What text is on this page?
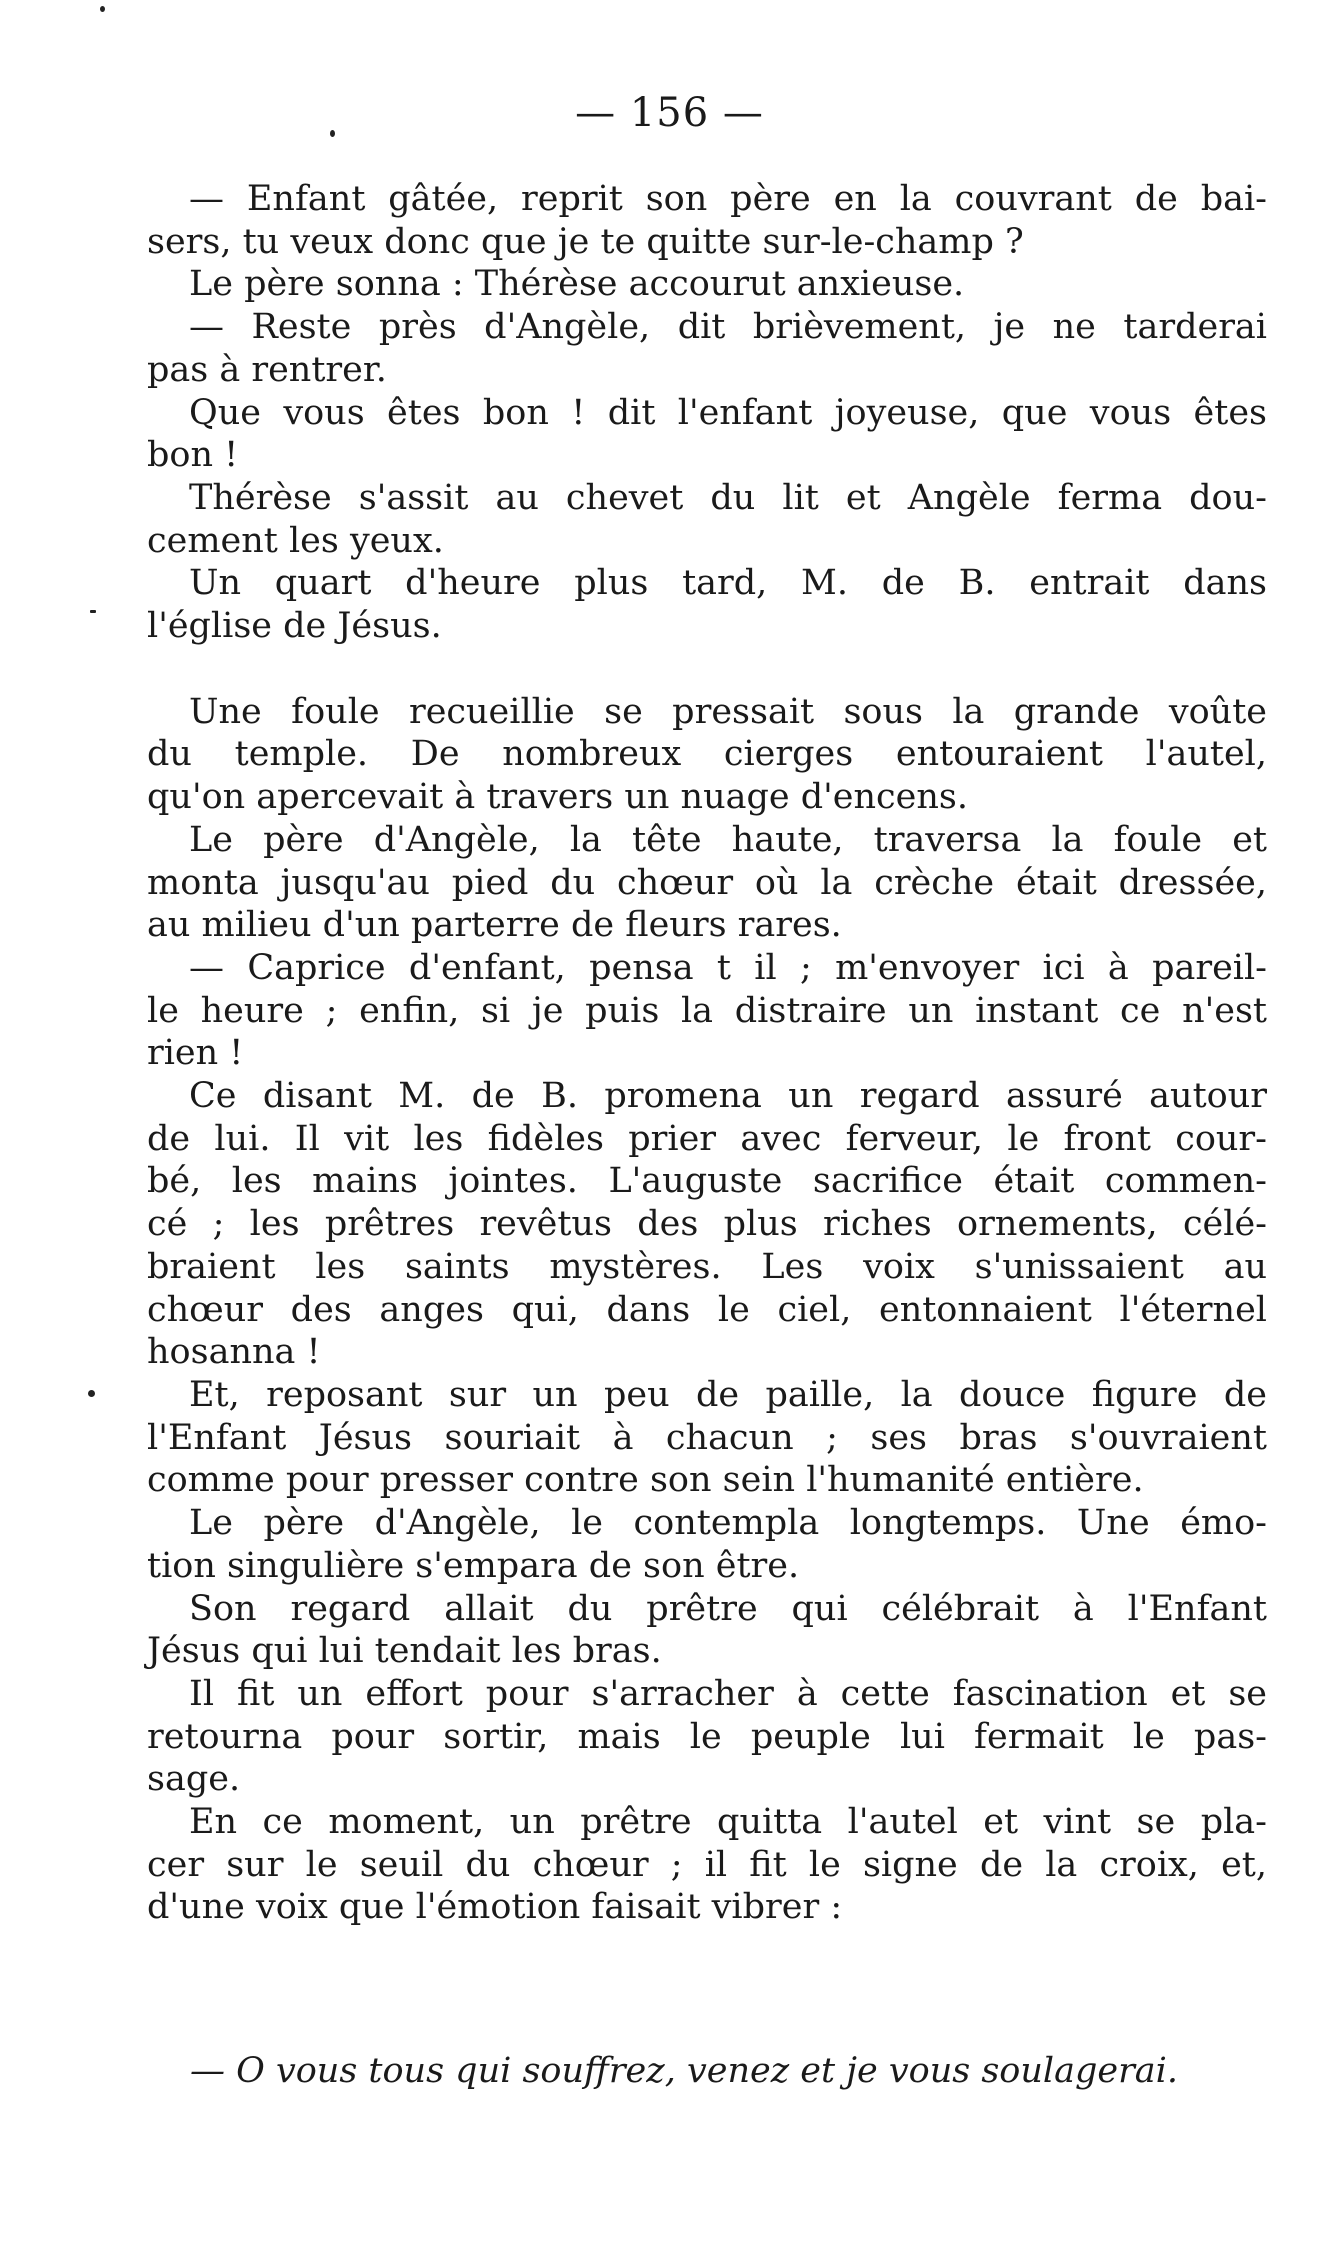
— 156 —

— Enfant gâtée, reprit son père en la couvrant de bai-
sers, tu veux donc que je te quitte sur-le-champ ?

Le père sonna : Thérèse accourut anxieuse.

— Reste près d'Angèle, dit brièvement, je ne tarderai
pas à rentrer.

Que vous êtes bon ! dit l'enfant joyeuse, que vous êtes
bon !

Thérèse s'assit au chevet du lit et Angèle ferma dou-
cement les yeux.

Un quart d'heure plus tard, M. de B. entrait dans
l'église de Jésus.

Une foule recueillie se pressait sous la grande voûte
du temple. De nombreux cierges entouraient l'autel,
qu'on apercevait à travers un nuage d'encens.

Le père d'Angèle, la tête haute, traversa la foule et
monta jusqu'au pied du chœur où la crèche était dressée,
au milieu d'un parterre de fleurs rares.

— Caprice d'enfant, pensa t il ; m'envoyer ici à pareil-
le heure ; enfin, si je puis la distraire un instant ce n'est
rien !

Ce disant M. de B. promena un regard assuré autour
de lui. Il vit les fidèles prier avec ferveur, le front cour-
bé, les mains jointes. L'auguste sacrifice était commen-
cé ; les prêtres revêtus des plus riches ornements, célé-
braient les saints mystères. Les voix s'unissaient au
chœur des anges qui, dans le ciel, entonnaient l'éternel
hosanna !

Et, reposant sur un peu de paille, la douce figure de
l'Enfant Jésus souriait à chacun ; ses bras s'ouvraient
comme pour presser contre son sein l'humanité entière.

Le père d'Angèle, le contempla longtemps. Une émo-
tion singulière s'empara de son être.

Son regard allait du prêtre qui célébrait à l'Enfant
Jésus qui lui tendait les bras.

Il fit un effort pour s'arracher à cette fascination et se
retourna pour sortir, mais le peuple lui fermait le pas-
sage.

En ce moment, un prêtre quitta l'autel et vint se pla-
cer sur le seuil du chœur ; il fit le signe de la croix, et,
d'une voix que l'émotion faisait vibrer :

— O vous tous qui souffrez, venez et je vous soulagerai.
